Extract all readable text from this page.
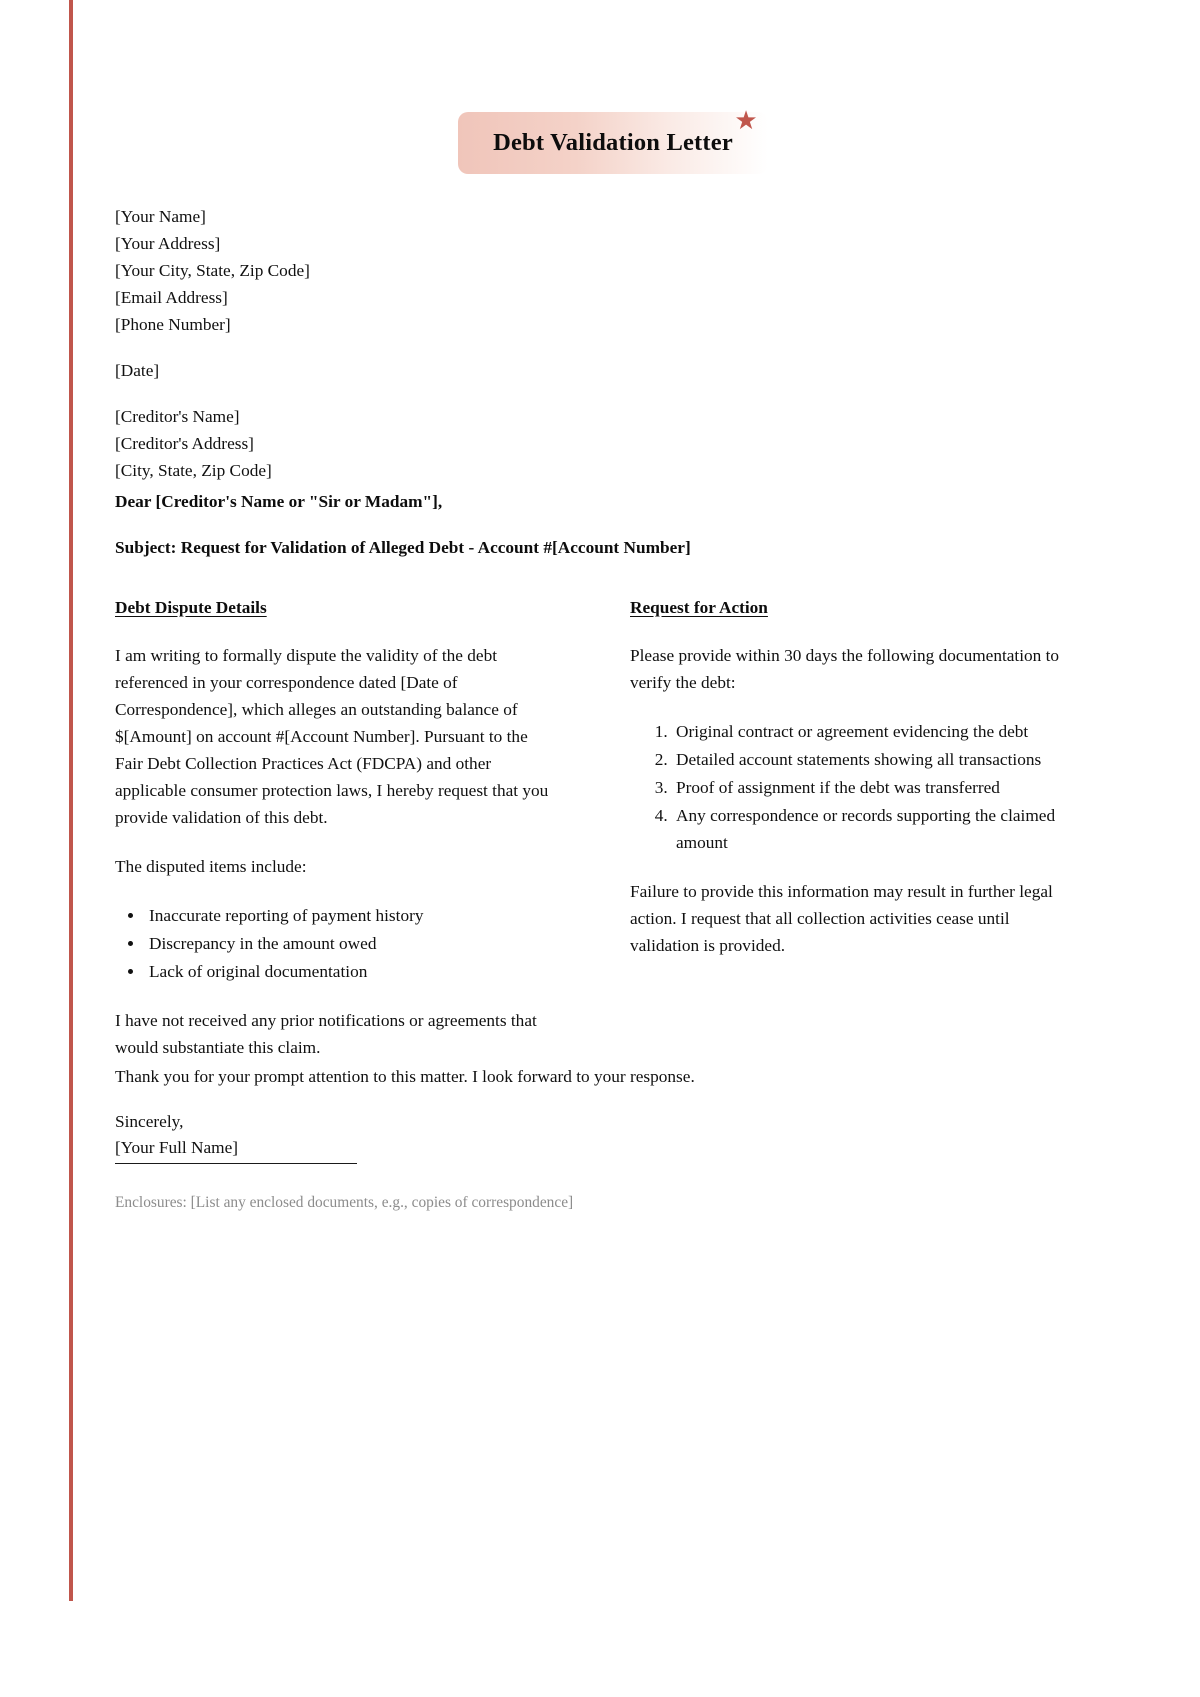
Debt Validation Letter
★
[Your Name]
[Your Address]
[Your City, State, Zip Code]
[Email Address]
[Phone Number]
[Date]
[Creditor's Name]
[Creditor's Address]
[City, State, Zip Code]
Dear [Creditor's Name or "Sir or Madam"],
Subject: Request for Validation of Alleged Debt - Account #[Account Number]
Debt Dispute Details

I am writing to formally dispute the validity of the debt referenced in your correspondence dated [Date of Correspondence], which alleges an outstanding balance of $[Amount] on account #[Account Number]. Pursuant to the Fair Debt Collection Practices Act (FDCPA) and other applicable consumer protection laws, I hereby request that you provide validation of this debt.

The disputed items include:

• Inaccurate reporting of payment history
• Discrepancy in the amount owed
• Lack of original documentation

I have not received any prior notifications or agreements that would substantiate this claim.

Request for Action

Please provide within 30 days the following documentation to verify the debt:

1. Original contract or agreement evidencing the debt
2. Detailed account statements showing all transactions
3. Proof of assignment if the debt was transferred
4. Any correspondence or records supporting the claimed amount

Failure to provide this information may result in further legal action. I request that all collection activities cease until validation is provided.

Thank you for your prompt attention to this matter. I look forward to your response.
Sincerely,
[Your Full Name]
Enclosures: [List any enclosed documents, e.g., copies of correspondence]
